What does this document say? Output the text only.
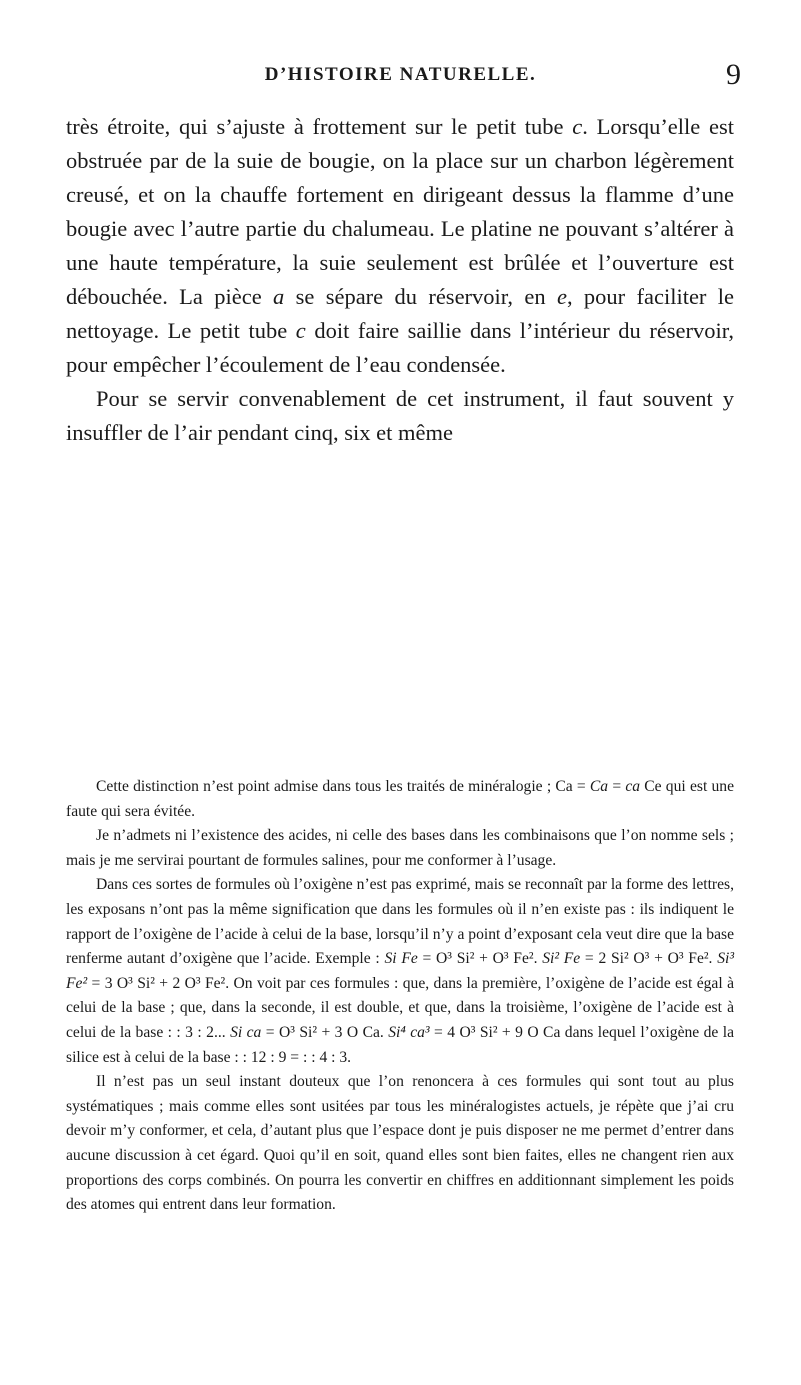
D’HISTOIRE NATURELLE.	9

très étroite, qui s’ajuste à frottement sur le petit tube c. Lorsqu’elle est obstruée par de la suie de bougie, on la place sur un charbon légèrement creusé, et on la chauffe fortement en dirigeant dessus la flamme d’une bougie avec l’autre partie du chalumeau. Le platine ne pouvant s’altérer à une haute température, la suie seulement est brûlée et l’ouverture est débouchée. La pièce a se sépare du réservoir, en e, pour faciliter le nettoyage. Le petit tube c doit faire saillie dans l’intérieur du réservoir, pour empêcher l’écoulement de l’eau condensée.

Pour se servir convenablement de cet instrument, il faut souvent y insuffler de l’air pendant cinq, six et même

Cette distinction n’est point admise dans tous les traités de minéralogie ; Ca = Ca = ca Ce qui est une faute qui sera évitée.

Je n’admets ni l’existence des acides, ni celle des bases dans les combinaisons que l’on nomme sels ; mais je me servirai pourtant de formules salines, pour me conformer à l’usage.

Dans ces sortes de formules où l’oxigène n’est pas exprimé, mais se reconnaît par la forme des lettres, les exposans n’ont pas la même signification que dans les formules où il n’en existe pas : ils indiquent le rapport de l’oxigène de l’acide à celui de la base, lorsqu’il n’y a point d’exposant cela veut dire que la base renferme autant d’oxigène que l’acide. Exemple : Si Fe = O³ Si² + O³ Fe². Si² Fe = 2 Si² O³ + O³ Fe². Si³ Fe² = 3 O³ Si² + 2 O³ Fe². On voit par ces formules : que, dans la première, l’oxigène de l’acide est égal à celui de la base ; que, dans la seconde, il est double, et que, dans la troisième, l’oxigène de l’acide est à celui de la base : : 3 : 2... Si ca = O³ Si² + 3 O Ca. Si⁴ ca³ = 4 O³ Si² + 9 O Ca dans lequel l’oxigène de la silice est à celui de la base : : 12 : 9 = : : 4 : 3.

Il n’est pas un seul instant douteux que l’on renoncera à ces formules qui sont tout au plus systématiques ; mais comme elles sont usitées par tous les minéralogistes actuels, je répète que j’ai cru devoir m’y conformer, et cela, d’autant plus que l’espace dont je puis disposer ne me permet d’entrer dans aucune discussion à cet égard. Quoi qu’il en soit, quand elles sont bien faites, elles ne changent rien aux proportions des corps combinés. On pourra les convertir en chiffres en additionnant simplement les poids des atomes qui entrent dans leur formation.
